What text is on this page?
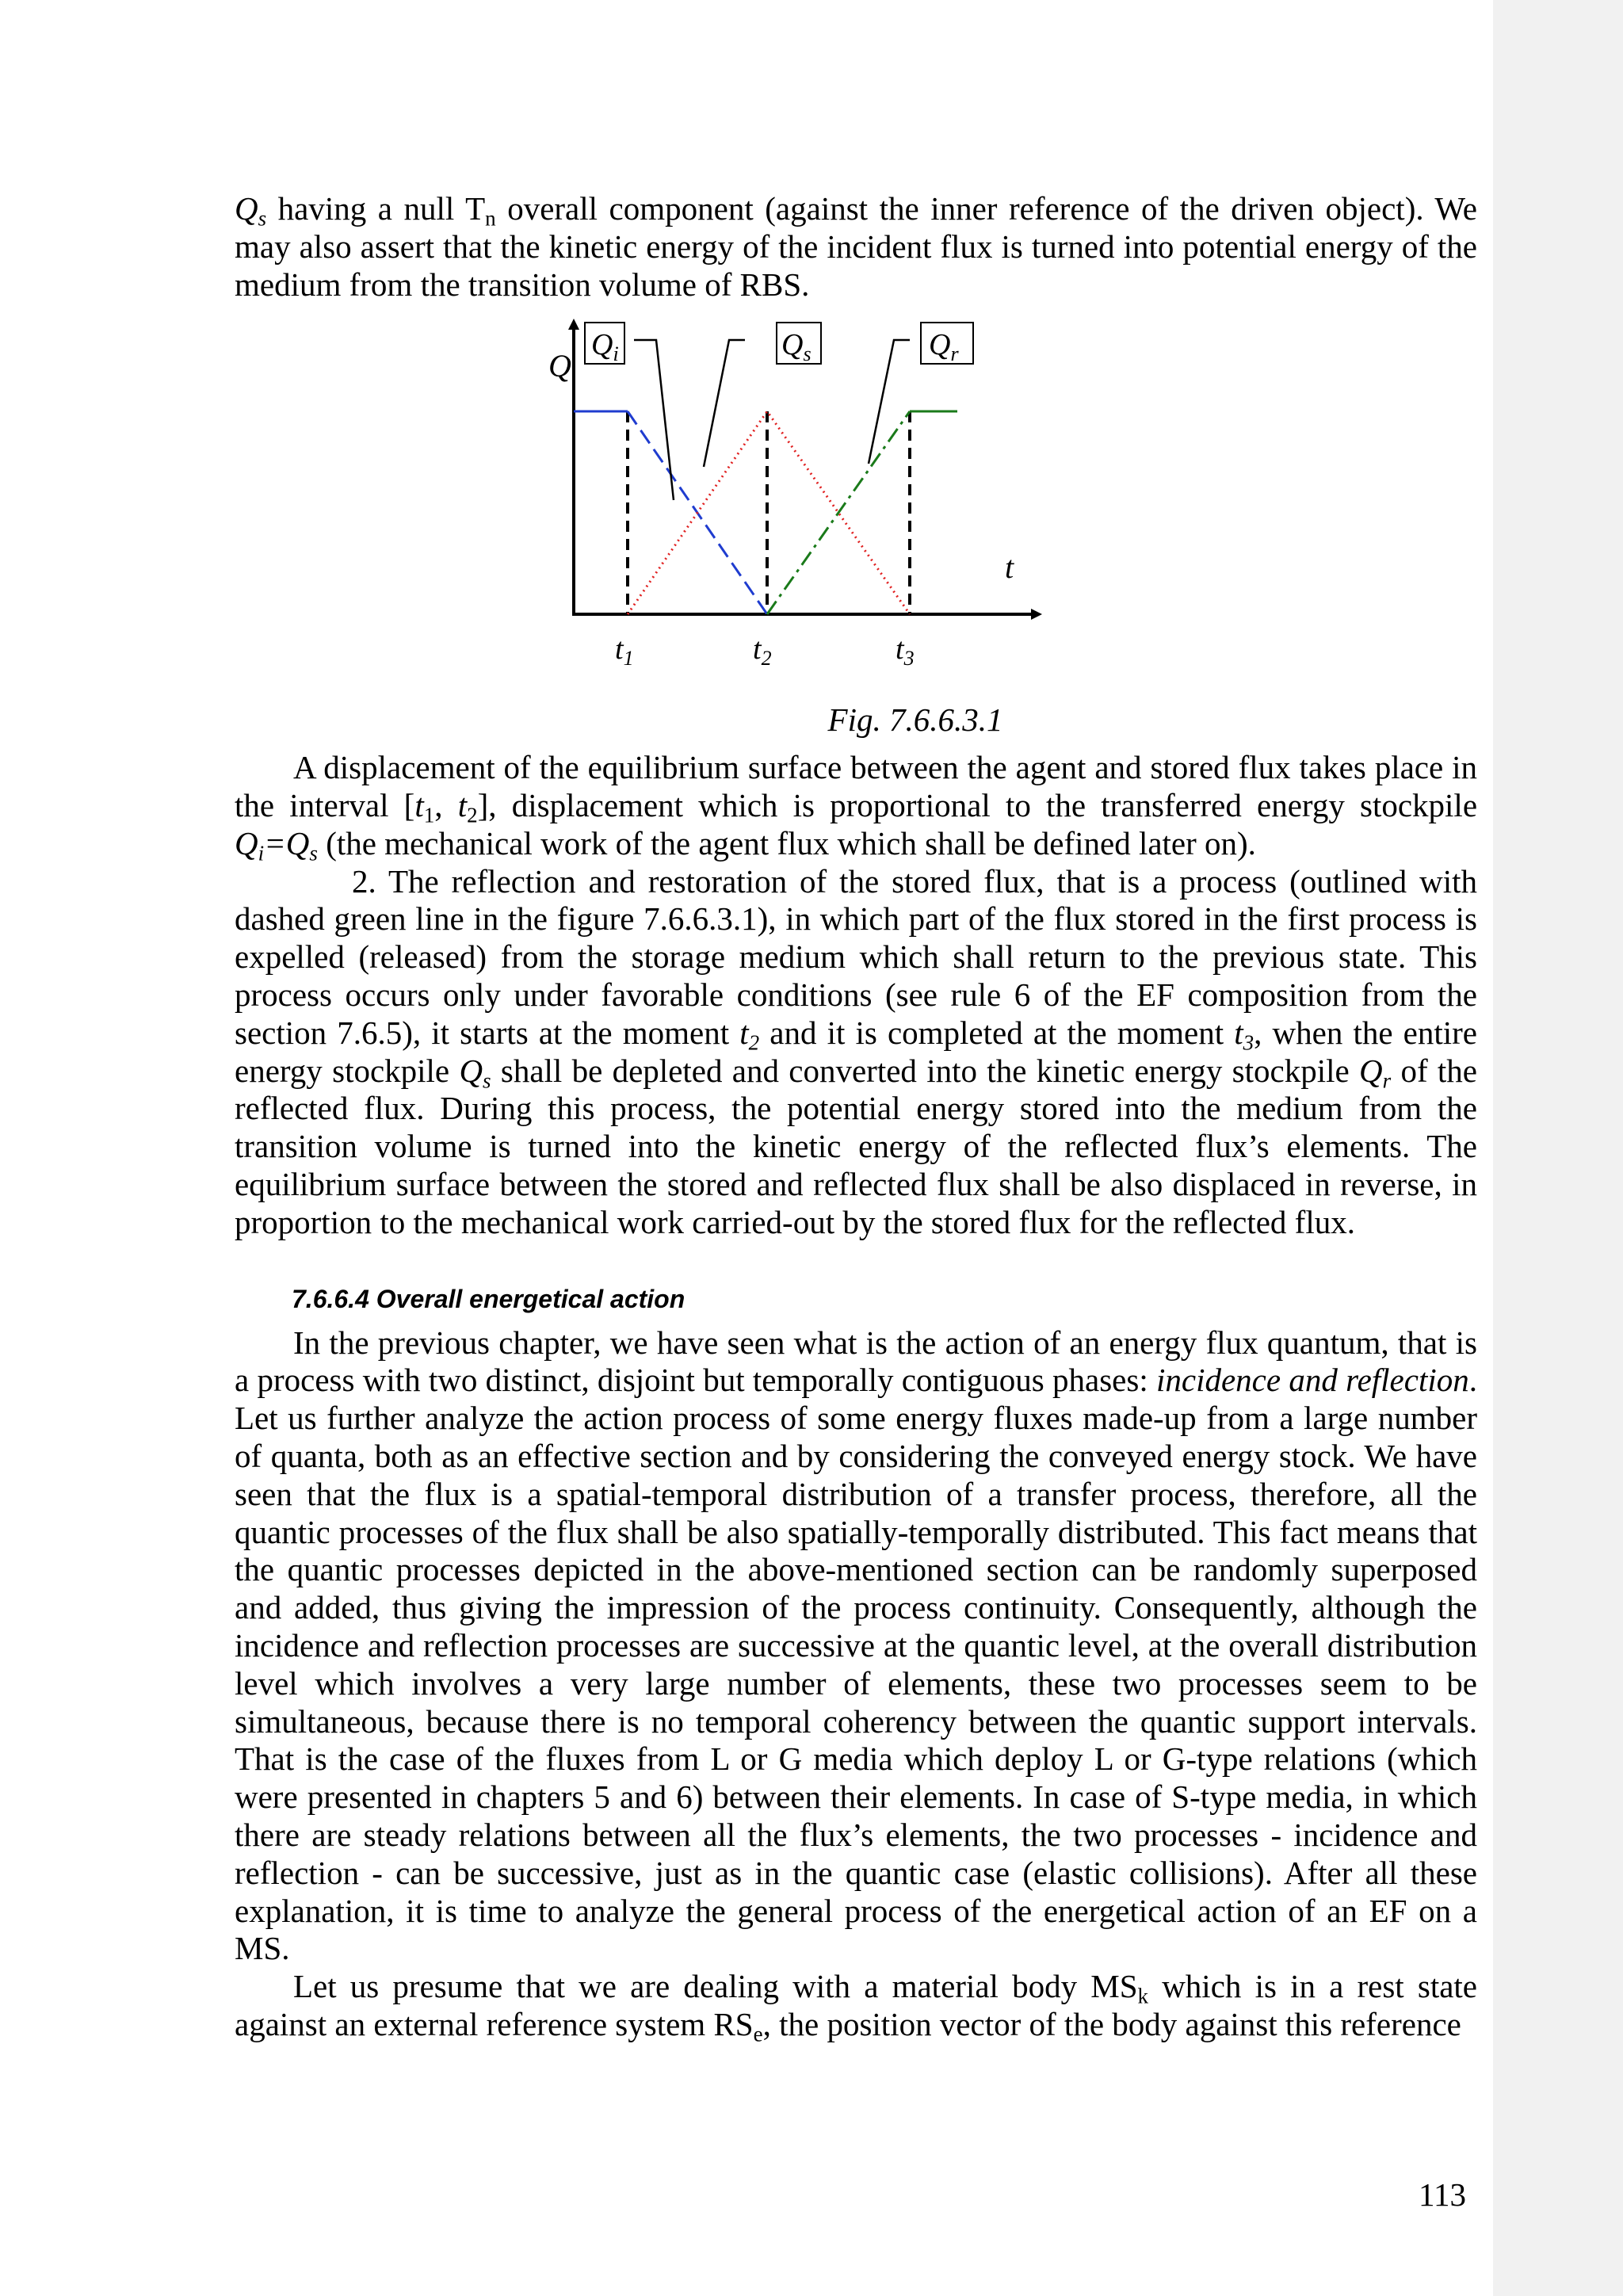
$Q_s$ having a null $T_n$ overall component (against the inner reference of the driven object). We may also assert that the kinetic energy of the incident flux is turned into potential energy of the medium from the transition volume of RBS.

Q
t
$Q_i$	$Q_s$	$Q_r$
$t_1$	$t_2$	$t_3$
Fig. 7.6.6.3.1

A displacement of the equilibrium surface between the agent and stored flux takes place in the interval [$t_1$, $t_2$], displacement which is proportional to the transferred energy stockpile $Q_i=Q_s$ (the mechanical work of the agent flux which shall be defined later on).

2. The reflection and restoration of the stored flux, that is a process (outlined with dashed green line in the figure 7.6.6.3.1), in which part of the flux stored in the first process is expelled (released) from the storage medium which shall return to the previous state. This process occurs only under favorable conditions (see rule 6 of the EF composition from the section 7.6.5), it starts at the moment $t_2$ and it is completed at the moment $t_3$, when the entire energy stockpile $Q_s$ shall be depleted and converted into the kinetic energy stockpile $Q_r$ of the reflected flux. During this process, the potential energy stored into the medium from the transition volume is turned into the kinetic energy of the reflected flux’s elements. The equilibrium surface between the stored and reflected flux shall be also displaced in reverse, in proportion to the mechanical work carried-out by the stored flux for the reflected flux.

7.6.6.4 Overall energetical action

In the previous chapter, we have seen what is the action of an energy flux quantum, that is a process with two distinct, disjoint but temporally contiguous phases: incidence and reflection. Let us further analyze the action process of some energy fluxes made-up from a large number of quanta, both as an effective section and by considering the conveyed energy stock. We have seen that the flux is a spatial-temporal distribution of a transfer process, therefore, all the quantic processes of the flux shall be also spatially-temporally distributed. This fact means that the quantic processes depicted in the above-mentioned section can be randomly superposed and added, thus giving the impression of the process continuity. Consequently, although the incidence and reflection processes are successive at the quantic level, at the overall distribution level which involves a very large number of elements, these two processes seem to be simultaneous, because there is no temporal coherency between the quantic support intervals. That is the case of the fluxes from L or G media which deploy L or G-type relations (which were presented in chapters 5 and 6) between their elements. In case of S-type media, in which there are steady relations between all the flux’s elements, the two processes - incidence and reflection - can be successive, just as in the quantic case (elastic collisions). After all these explanation, it is time to analyze the general process of the energetical action of an EF on a MS.

Let us presume that we are dealing with a material body $MS_k$ which is in a rest state against an external reference system $RS_e$, the position vector of the body against this reference

113
